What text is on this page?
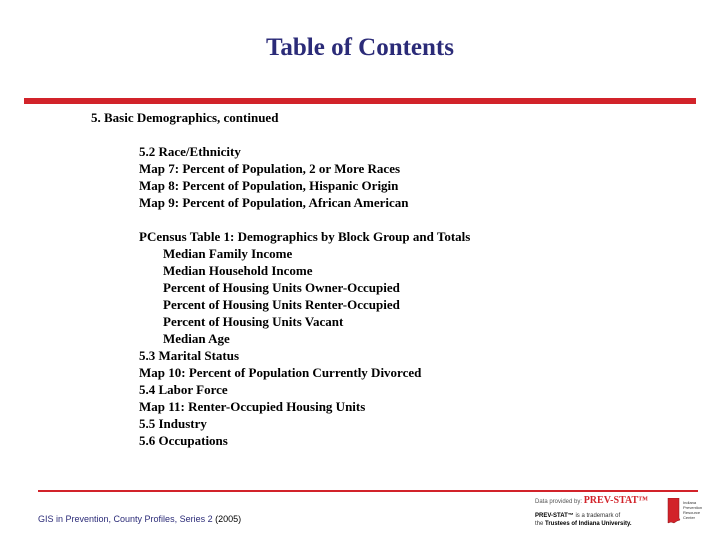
Table of Contents
5. Basic Demographics, continued
5.2 Race/Ethnicity
Map 7: Percent of Population, 2 or More Races
Map 8: Percent of Population, Hispanic Origin
Map 9: Percent of Population, African American
PCensus Table 1: Demographics by Block Group and Totals
Median Family Income
Median Household Income
Percent of Housing Units Owner-Occupied
Percent of Housing Units Renter-Occupied
Percent of Housing Units Vacant
Median Age
5.3 Marital Status
Map 10: Percent of Population Currently Divorced
5.4 Labor Force
Map 11: Renter-Occupied Housing Units
5.5 Industry
5.6 Occupations
GIS in Prevention, County Profiles, Series 2 (2005)
Data provided by: PREV-STAT™
PREV-STAT™ is a trademark of
the Trustees of Indiana University.
Indiana Prevention Resource Center
